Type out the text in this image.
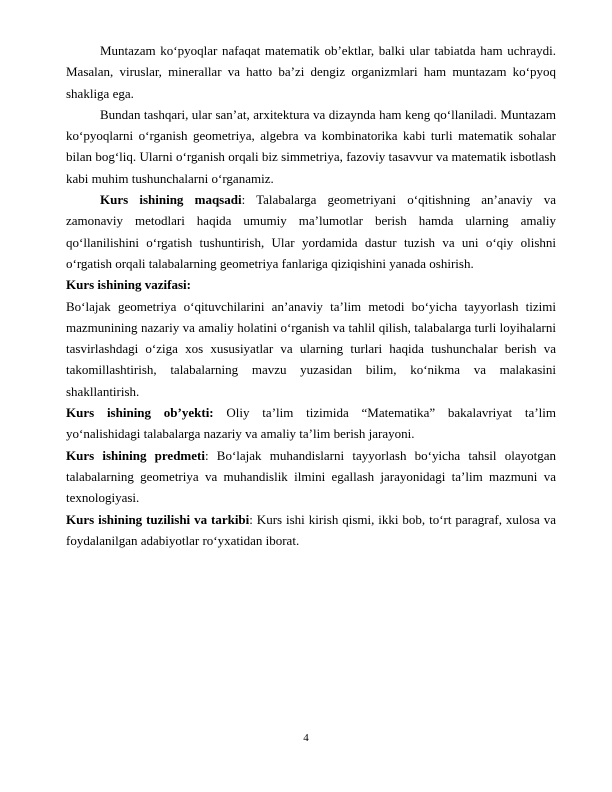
Muntazam koʻpyoqlar nafaqat matematik obʼektlar, balki ular tabiatda ham uchraydi. Masalan, viruslar, minerallar va hatto baʼzi dengiz organizmlari ham muntazam koʻpyoq shakliga ega.

Bundan tashqari, ular sanʼat, arxitektura va dizaynda ham keng qoʻllaniladi. Muntazam koʻpyoqlarni oʻrganish geometriya, algebra va kombinatorika kabi turli matematik sohalar bilan bogʻliq. Ularni oʻrganish orqali biz simmetriya, fazoviy tasavvur va matematik isbotlash kabi muhim tushunchalarni oʻrganamiz.

Kurs ishining maqsadi: Talabalarga geometriyani o‘qitishning an’anaviy va zamonaviy metodlari haqida umumiy ma’lumotlar berish hamda ularning amaliy qo‘llanilishini o‘rgatish tushuntirish, Ular yordamida dastur tuzish va uni o‘qiy olishni o‘rgatish orqali talabalarning geometriya fanlariga qiziqishini yanada oshirish.

Kurs ishining vazifasi:

Bo‘lajak geometriya o‘qituvchilarini an’anaviy ta’lim metodi bo‘yicha tayyorlash tizimi mazmunining nazariy va amaliy holatini o‘rganish va tahlil qilish, talabalarga turli loyihalarni tasvirlashdagi o‘ziga xos xususiyatlar va ularning turlari haqida tushunchalar berish va takomillashtirish, talabalarning mavzu yuzasidan bilim, ko‘nikma va malakasini shakllantirish.

Kurs ishining ob’yekti: Oliy ta’lim tizimida “Matematika” bakalavriyat ta’lim yo‘nalishidagi talabalarga nazariy va amaliy ta’lim berish jarayoni.

Kurs ishining predmeti: Bo‘lajak muhandislarni tayyorlash bo‘yicha tahsil olayotgan talabalarning geometriya va muhandislik ilmini egallash jarayonidagi ta’lim mazmuni va texnologiyasi.

Kurs ishining tuzilishi va tarkibi: Kurs ishi kirish qismi, ikki bob, to‘rt paragraf, xulosa va foydalanilgan adabiyotlar ro‘yxatidan iborat.

4
